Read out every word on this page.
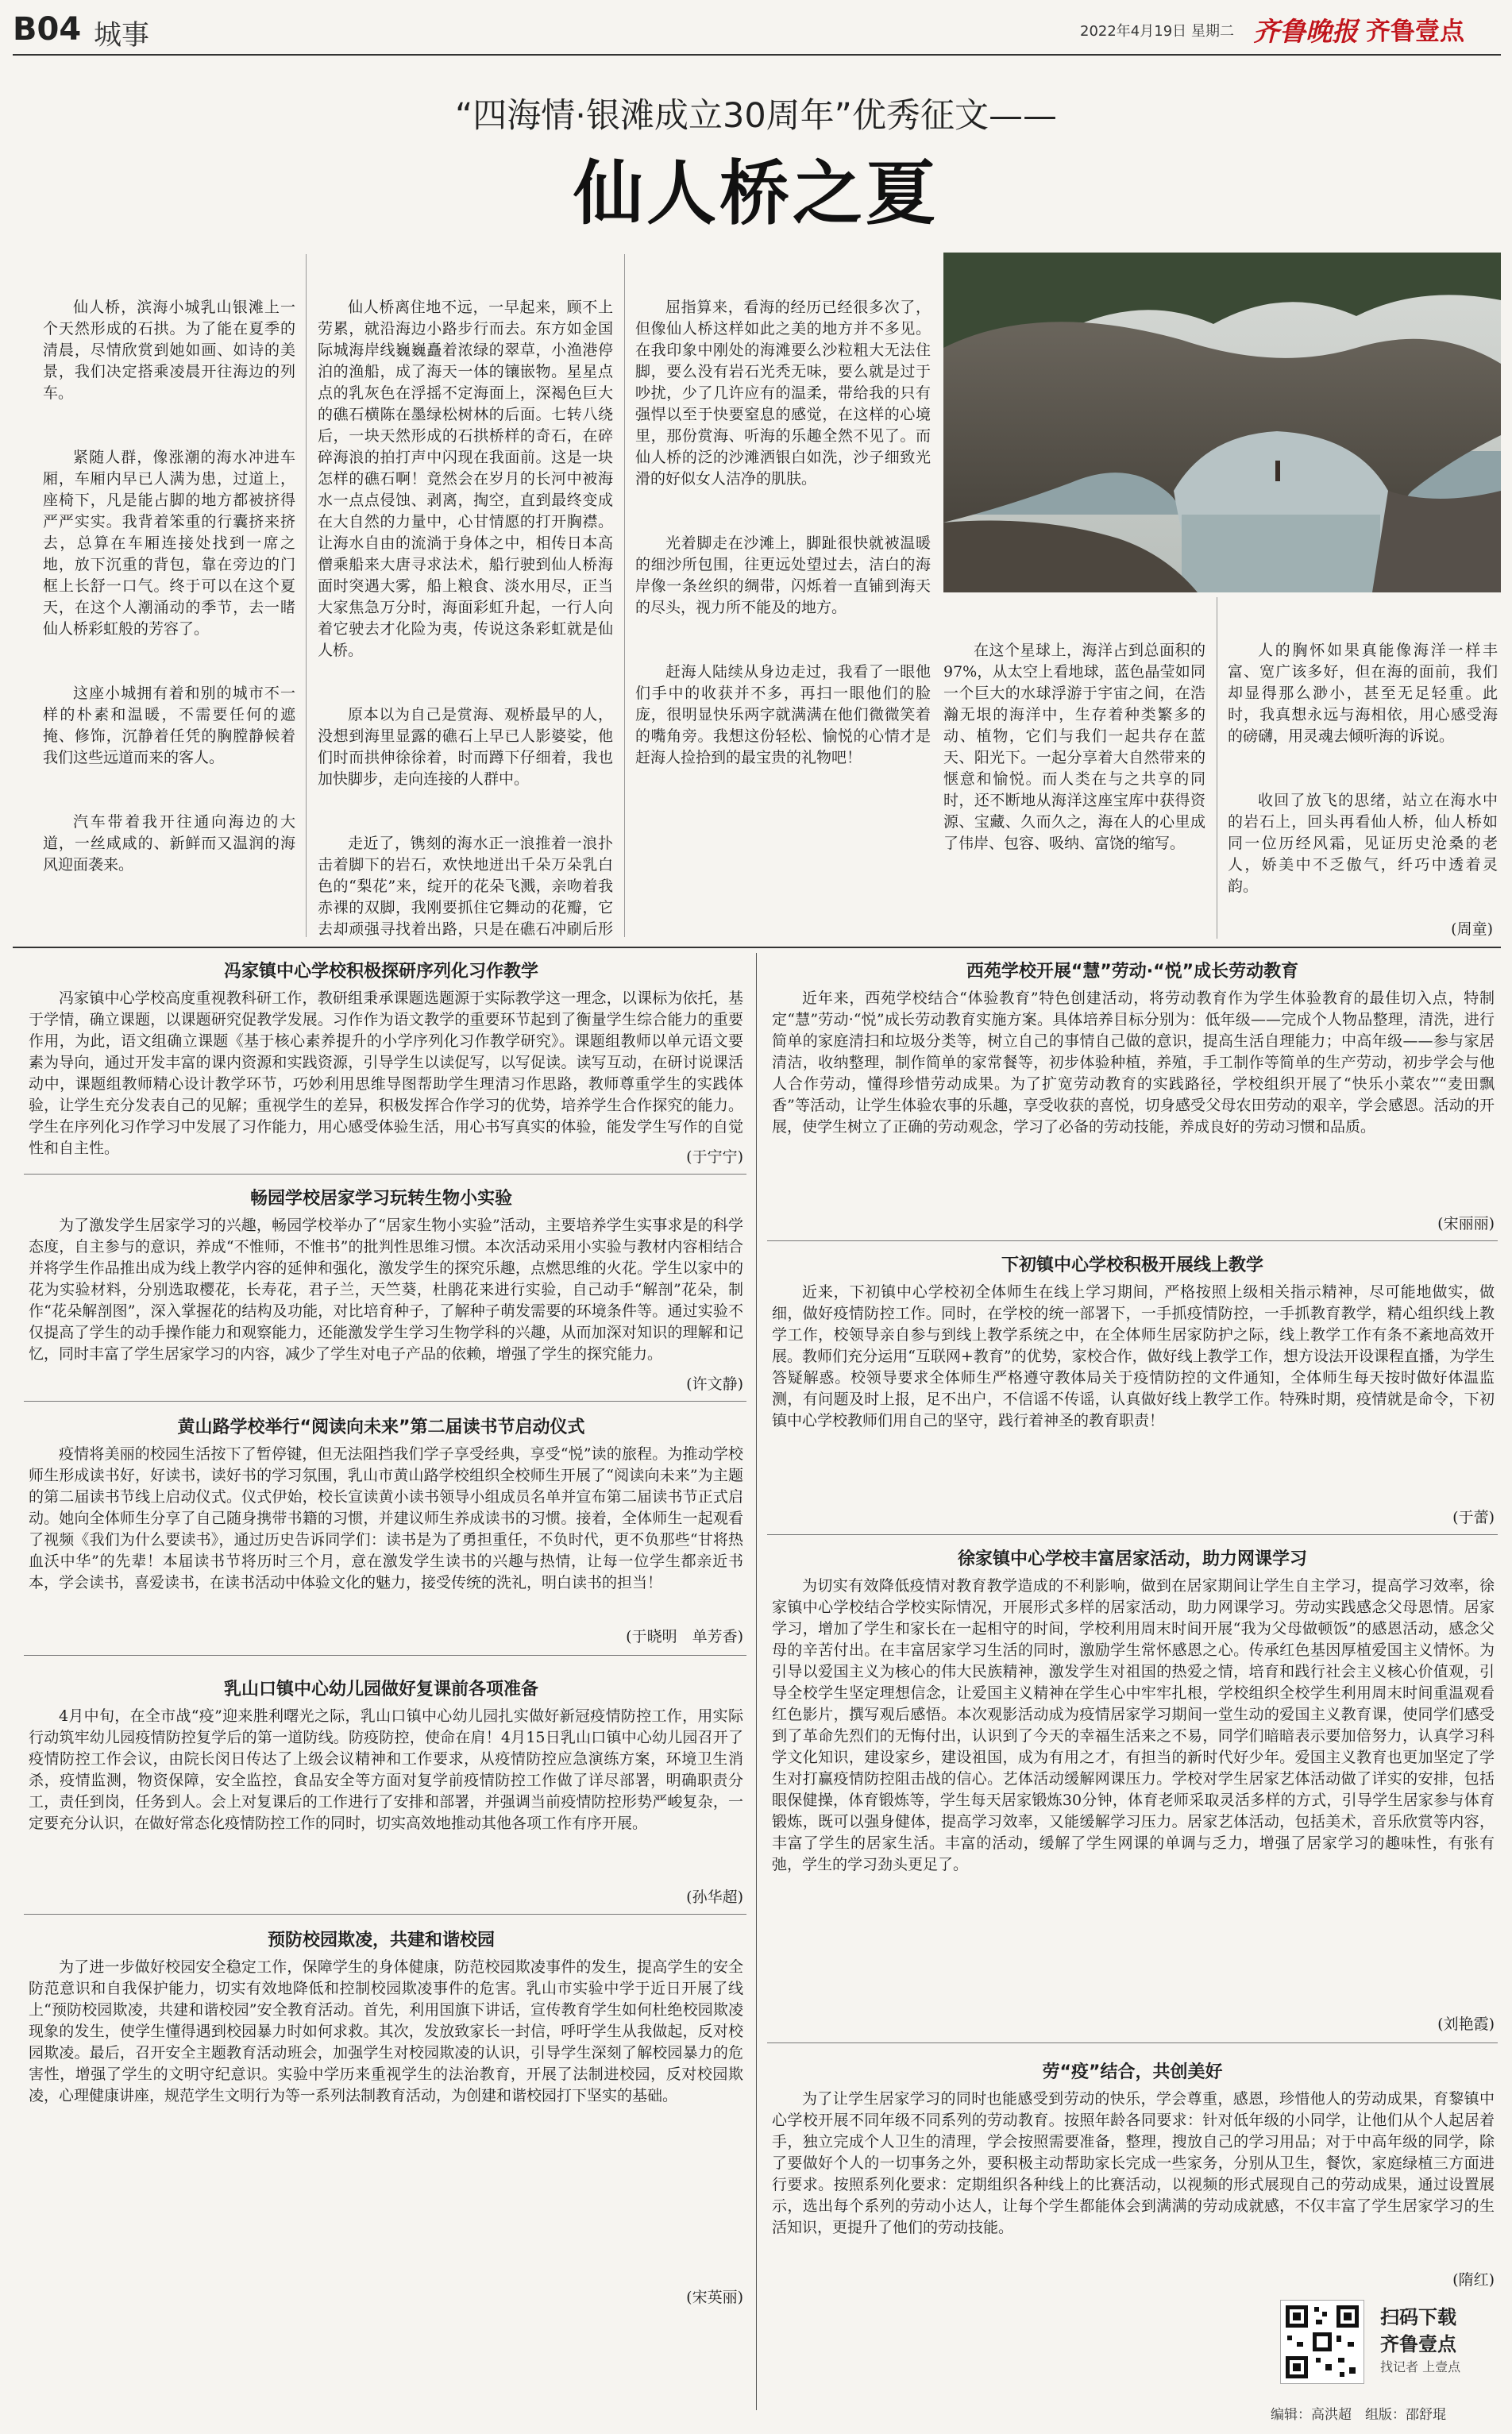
B04 城事	2022年4月19日 星期二 齐鲁晚报 齐鲁壹点
“四海情·银滩成立30周年”优秀征文——
仙人桥之夏

仙人桥，滨海小城乳山银滩上一个天然形成的石拱。为了能在夏季的清晨，尽情欣赏到她如画、如诗的美景，我们决定搭乘凌晨开往海边的列车。

紧随人群，像涨潮的海水冲进车厢，车厢内早已人满为患，过道上，座椅下，凡是能占脚的地方都被挤得严严实实。我背着笨重的行囊挤来挤去，总算在车厢连接处找到一席之地，放下沉重的背包，靠在旁边的门框上长舒一口气。终于可以在这个夏天，在这个人潮涌动的季节，去一睹仙人桥彩虹般的芳容了。

这座小城拥有着和别的城市不一样的朴素和温暖，不需要任何的遮掩、修饰，沉静着任凭的胸膛静候着我们这些远道而来的客人。

汽车带着我开往通向海边的大道，一丝咸咸的、新鲜而又温润的海风迎面袭来。

仙人桥离住地不远，一早起来，顾不上劳累，就沿海边小路步行而去。东方如金国际城海岸线巍巍矗着浓绿的翠草，小渔港停泊的渔船，成了海天一体的镶嵌物。星星点点的乳灰色在浮摇不定海面上，深褐色巨大的礁石横陈在墨绿松树林的后面。七转八绕后，一块天然形成的石拱桥样的奇石，在碎碎海浪的拍打声中闪现在我面前。这是一块怎样的礁石啊！竟然会在岁月的长河中被海水一点点侵蚀、剥离，掏空，直到最终变成在大自然的力量中，心甘情愿的打开胸襟。让海水自由的流淌于身体之中，相传日本高僧乘船来大唐寻求法术，船行驶到仙人桥海面时突遇大雾，船上粮食、淡水用尽，正当大家焦急万分时，海面彩虹升起，一行人向着它驶去才化险为夷，传说这条彩虹就是仙人桥。

原本以为自己是赏海、观桥最早的人，没想到海里显露的礁石上早已人影婆娑，他们时而拱伸徐徐着，时而蹲下仔细着，我也加快脚步，走向连接的人群中。

走近了，镌刻的海水正一浪推着一浪扑击着脚下的岩石，欢快地迸出千朵万朵乳白色的“梨花”来，绽开的花朵飞溅，亲吻着我赤裸的双脚，我刚要抓住它舞动的花瓣，它去却顽强寻找着出路，只是在礁石冲刷后形

屈指算来，看海的经历已经很多次了，但像仙人桥这样如此之美的地方并不多见。在我印象中刚处的海滩要么沙粒粗大无法住脚，要么没有岩石光秃无味，要么就是过于吵扰，少了几许应有的温柔，带给我的只有强悍以至于快要窒息的感觉，在这样的心境里，那份赏海、听海的乐趣全然不见了。而仙人桥的泛的沙滩洒银白如洗，沙子细致光滑的好似女人洁净的肌肤。

光着脚走在沙滩上，脚趾很快就被温暖的细沙所包围，往更远处望过去，洁白的海岸像一条丝织的绸带，闪烁着一直铺到海天的尽头，视力所不能及的地方。

赶海人陆续从身边走过，我看了一眼他们手中的收获并不多，再扫一眼他们的脸庞，很明显快乐两字就满满在他们微微笑着的嘴角旁。我想这份轻松、愉悦的心情才是赶海人捡拾到的最宝贵的礼物吧！

在这个星球上，海洋占到总面积的97%，从太空上看地球，蓝色晶莹如同一个巨大的水球浮游于宇宙之间，在浩瀚无垠的海洋中，生存着种类繁多的动、植物，它们与我们一起共存在蓝天、阳光下。一起分享着大自然带来的惬意和愉悦。而人类在与之共享的同时，还不断地从海洋这座宝库中获得资源、宝藏、久而久之，海在人的心里成了伟岸、包容、吸纳、富饶的缩写。

人的胸怀如果真能像海洋一样丰富、宽广该多好，但在海的面前，我们却显得那么渺小，甚至无足轻重。此时，我真想永远与海相依，用心感受海的磅礴，用灵魂去倾听海的诉说。

收回了放飞的思绪，站立在海水中的岩石上，回头再看仙人桥，仙人桥如同一位历经风霜，见证历史沧桑的老人，娇美中不乏傲气，纤巧中透着灵韵。

(周童)
冯家镇中心学校积极探研序列化习作教学
冯家镇中心学校高度重视教科研工作，教研组秉承课题选题源于实际教学这一理念，以课标为依托，基于学情，确立课题，以课题研究促教学发展。习作作为语文教学的重要环节起到了衡量学生综合能力的重要作用，为此，语文组确立课题《基于核心素养提升的小学序列化习作教学研究》。课题组教师以单元语文要素为导向，通过开发丰富的课内资源和实践资源，引导学生以读促写，以写促读。读写互动，在研讨说课活动中，课题组教师精心设计教学环节，巧妙利用思维导图帮助学生理清习作思路，教师尊重学生的实践体验，让学生充分发表自己的见解；重视学生的差异，积极发挥合作学习的优势，培养学生合作探究的能力。学生在序列化习作学习中发展了习作能力，用心感受体验生活，用心书写真实的体验，能发学生写作的自觉性和自主性。	(于宁宁)
畅园学校居家学习玩转生物小实验
为了激发学生居家学习的兴趣，畅园学校举办了“居家生物小实验”活动，主要培养学生实事求是的科学态度，自主参与的意识，养成“不惟师，不惟书”的批判性思维习惯。本次活动采用小实验与教材内容相结合并将学生作品推出成为线上教学内容的延伸和强化，激发学生的探究乐趣，点燃思维的火花。学生以家中的花为实验材料，分别选取樱花，长寿花，君子兰，天竺葵，杜鹃花来进行实验，自己动手“解剖”花朵，制作“花朵解剖图”，深入掌握花的结构及功能，对比培育种子，了解种子萌发需要的环境条件等。通过实验不仅提高了学生的动手操作能力和观察能力，还能激发学生学习生物学科的兴趣，从而加深对知识的理解和记忆，同时丰富了学生居家学习的内容，减少了学生对电子产品的依赖，增强了学生的探究能力。
(许文静)
黄山路学校举行“阅读向未来”第二届读书节启动仪式
疫情将美丽的校园生活按下了暂停键，但无法阻挡我们学子享受经典，享受“悦”读的旅程。为推动学校师生形成读书好，好读书，读好书的学习氛围，乳山市黄山路学校组织全校师生开展了“阅读向未来”为主题的第二届读书节线上启动仪式。仪式伊始，校长宣读黄小读书领导小组成员名单并宣布第二届读书节正式启动。她向全体师生分享了自己随身携带书籍的习惯，并建议师生养成读书的习惯。接着，全体师生一起观看了视频《我们为什么要读书》，通过历史告诉同学们：读书是为了勇担重任，不负时代，更不负那些“甘将热血沃中华”的先辈！本届读书节将历时三个月，意在激发学生读书的兴趣与热情，让每一位学生都亲近书本，学会读书，喜爱读书，在读书活动中体验文化的魅力，接受传统的洗礼，明白读书的担当！
(于晓明　单芳香)
乳山口镇中心幼儿园做好复课前各项准备
4月中旬，在全市战“疫”迎来胜利曙光之际，乳山口镇中心幼儿园扎实做好新冠疫情防控工作，用实际行动筑牢幼儿园疫情防控复学后的第一道防线。防疫防控，使命在肩！4月15日乳山口镇中心幼儿园召开了疫情防控工作会议，由院长闵日传达了上级会议精神和工作要求，从疫情防控应急演练方案，环境卫生消杀，疫情监测，物资保障，安全监控，食品安全等方面对复学前疫情防控工作做了详尽部署，明确职责分工，责任到岗，任务到人。会上对复课后的工作进行了安排和部署，并强调当前疫情防控形势严峻复杂，一定要充分认识，在做好常态化疫情防控工作的同时，切实高效地推动其他各项工作有序开展。
(孙华超)
预防校园欺凌，共建和谐校园
为了进一步做好校园安全稳定工作，保障学生的身体健康，防范校园欺凌事件的发生，提高学生的安全防范意识和自我保护能力，切实有效地降低和控制校园欺凌事件的危害。乳山市实验中学于近日开展了线上“预防校园欺凌，共建和谐校园”安全教育活动。首先，利用国旗下讲话，宣传教育学生如何杜绝校园欺凌现象的发生，使学生懂得遇到校园暴力时如何求救。其次，发放致家长一封信，呼吁学生从我做起，反对校园欺凌。最后，召开安全主题教育活动班会，加强学生对校园欺凌的认识，引导学生深刻了解校园暴力的危害性，增强了学生的文明守纪意识。实验中学历来重视学生的法治教育，开展了法制进校园，反对校园欺凌，心理健康讲座，规范学生文明行为等一系列法制教育活动，为创建和谐校园打下坚实的基础。
(宋英丽)
西苑学校开展“慧”劳动·“悦”成长劳动教育
近年来，西苑学校结合“体验教育”特色创建活动，将劳动教育作为学生体验教育的最佳切入点，特制定“慧”劳动·“悦”成长劳动教育实施方案。具体培养目标分别为：低年级——完成个人物品整理，清洗，进行简单的家庭清扫和垃圾分类等，树立自己的事情自己做的意识，提高生活自理能力；中高年级——参与家居清洁，收纳整理，制作简单的家常餐等，初步体验种植，养殖，手工制作等简单的生产劳动，初步学会与他人合作劳动，懂得珍惜劳动成果。为了扩宽劳动教育的实践路径，学校组织开展了“快乐小菜农”“麦田飘香”等活动，让学生体验农事的乐趣，享受收获的喜悦，切身感受父母农田劳动的艰辛，学会感恩。活动的开展，使学生树立了正确的劳动观念，学习了必备的劳动技能，养成良好的劳动习惯和品质。
(宋丽丽)
下初镇中心学校积极开展线上教学
近来，下初镇中心学校初全体师生在线上学习期间，严格按照上级相关指示精神，尽可能地做实，做细，做好疫情防控工作。同时，在学校的统一部署下，一手抓疫情防控，一手抓教育教学，精心组织线上教学工作，校领导亲自参与到线上教学系统之中，在全体师生居家防护之际，线上教学工作有条不紊地高效开展。教师们充分运用“互联网+教育”的优势，家校合作，做好线上教学工作，想方设法开设课程直播，为学生答疑解惑。校领导要求全体师生严格遵守教体局关于疫情防控的文件通知，全体师生每天按时做好体温监测，有问题及时上报，足不出户，不信谣不传谣，认真做好线上教学工作。特殊时期，疫情就是命令，下初镇中心学校教师们用自己的坚守，践行着神圣的教育职责！
(于蕾)
徐家镇中心学校丰富居家活动，助力网课学习
为切实有效降低疫情对教育教学造成的不利影响，做到在居家期间让学生自主学习，提高学习效率，徐家镇中心学校结合学校实际情况，开展形式多样的居家活动，助力网课学习。劳动实践感念父母恩情。居家学习，增加了学生和家长在一起相守的时间，学校利用周末时间开展“我为父母做顿饭”的感恩活动，感念父母的辛苦付出。在丰富居家学习生活的同时，激励学生常怀感恩之心。传承红色基因厚植爱国主义情怀。为引导以爱国主义为核心的伟大民族精神，激发学生对祖国的热爱之情，培育和践行社会主义核心价值观，引导全校学生坚定理想信念，让爱国主义精神在学生心中牢牢扎根，学校组织全校学生利用周末时间重温观看红色影片，撰写观后感悟。本次观影活动成为疫情居家学习期间一堂生动的爱国主义教育课，使同学们感受到了革命先烈们的无悔付出，认识到了今天的幸福生活来之不易，同学们暗暗表示要加倍努力，认真学习科学文化知识，建设家乡，建设祖国，成为有用之才，有担当的新时代好少年。爱国主义教育也更加坚定了学生对打赢疫情防控阻击战的信心。艺体活动缓解网课压力。学校对学生居家艺体活动做了详实的安排，包括眼保健操，体育锻炼等，学生每天居家锻炼30分钟，体育老师采取灵活多样的方式，引导学生居家参与体育锻炼，既可以强身健体，提高学习效率，又能缓解学习压力。居家艺体活动，包括美术，音乐欣赏等内容，丰富了学生的居家生活。丰富的活动，缓解了学生网课的单调与乏力，增强了居家学习的趣味性，有张有弛，学生的学习劲头更足了。
(刘艳霞)
劳“疫”结合，共创美好
为了让学生居家学习的同时也能感受到劳动的快乐，学会尊重，感恩，珍惜他人的劳动成果，育黎镇中心学校开展不同年级不同系列的劳动教育。按照年龄各同要求：针对低年级的小同学，让他们从个人起居着手，独立完成个人卫生的清理，学会按照需要准备，整理，搜放自己的学习用品；对于中高年级的同学，除了要做好个人的一切事务之外，要积极主动帮助家长完成一些家务，分别从卫生，餐饮，家庭绿植三方面进行要求。按照系列化要求：定期组织各种线上的比赛活动，以视频的形式展现自己的劳动成果，通过设置展示，选出每个系列的劳动小达人，让每个学生都能体会到满满的劳动成就感，不仅丰富了学生居家学习的生活知识，更提升了他们的劳动技能。
(隋红)
扫码下载
齐鲁壹点
找记者 上壹点
编辑：高洪超　组版：邵舒琨
